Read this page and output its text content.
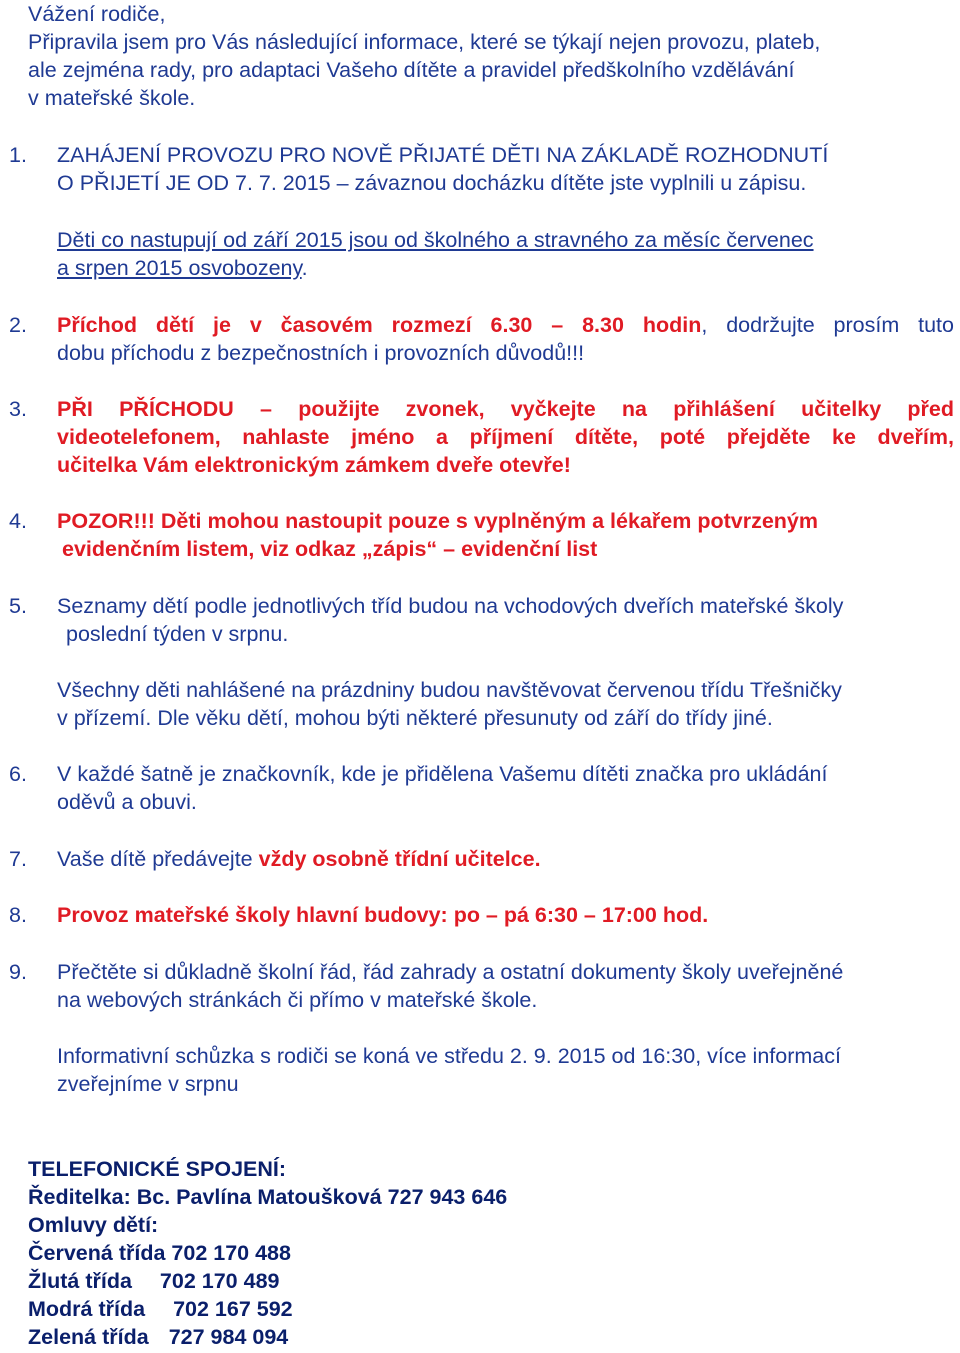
Vážení rodiče,
Připravila jsem pro Vás následující informace, které se týkají nejen provozu, plateb,
ale zejména rady, pro adaptaci Vašeho dítěte a pravidel předškolního vzdělávání
v mateřské škole.
1. ZAHÁJENÍ PROVOZU PRO NOVĚ PŘIJATÉ DĚTI NA ZÁKLADĚ ROZHODNUTÍ
O PŘIJETÍ JE OD 7. 7. 2015 – závaznou docházku dítěte jste vyplnili u zápisu.
Děti co nastupují od září 2015 jsou od školného a stravného za měsíc červenec
a srpen 2015 osvobozeny.
2. Příchod dětí je v časovém rozmezí 6.30 – 8.30 hodin, dodržujte prosím tuto
dobu příchodu z bezpečnostních i provozních důvodů!!!
3. PŘI PŘÍCHODU – použijte zvonek, vyčkejte na přihlášení učitelky před
videotelefonem, nahlaste jméno a příjmení dítěte, poté přejděte ke dveřím,
učitelka Vám elektronickým zámkem dveře otevře!
4. POZOR!!! Děti mohou nastoupit pouze s vyplněným a lékařem potvrzeným
evidenčním listem, viz odkaz „zápis“ – evidenční list
5. Seznamy dětí podle jednotlivých tříd budou na vchodových dveřích mateřské školy
poslední týden v srpnu.
Všechny děti nahlášené na prázdniny budou navštěvovat červenou třídu Třešničky
v přízemí. Dle věku dětí, mohou býti některé přesunuty od září do třídy jiné.
6. V každé šatně je značkovník, kde je přidělena Vašemu dítěti značka pro ukládání
oděvů a obuvi.
7. Vaše dítě předávejte vždy osobně třídní učitelce.
8. Provoz mateřské školy hlavní budovy: po – pá 6:30 – 17:00 hod.
9. Přečtěte si důkladně školní řád, řád zahrady a ostatní dokumenty školy uveřejněné
na webových stránkách či přímo v mateřské škole.
Informativní schůzka s rodiči se koná ve středu 2. 9. 2015 od 16:30, více informací
zveřejníme v srpnu
TELEFONICKÉ SPOJENÍ:
Ředitelka: Bc. Pavlína Matoušková 727 943 646
Omluvy dětí:
Červená třída 702 170 488
Žlutá třída 702 170 489
Modrá třída 702 167 592
Zelená třída 727 984 094
